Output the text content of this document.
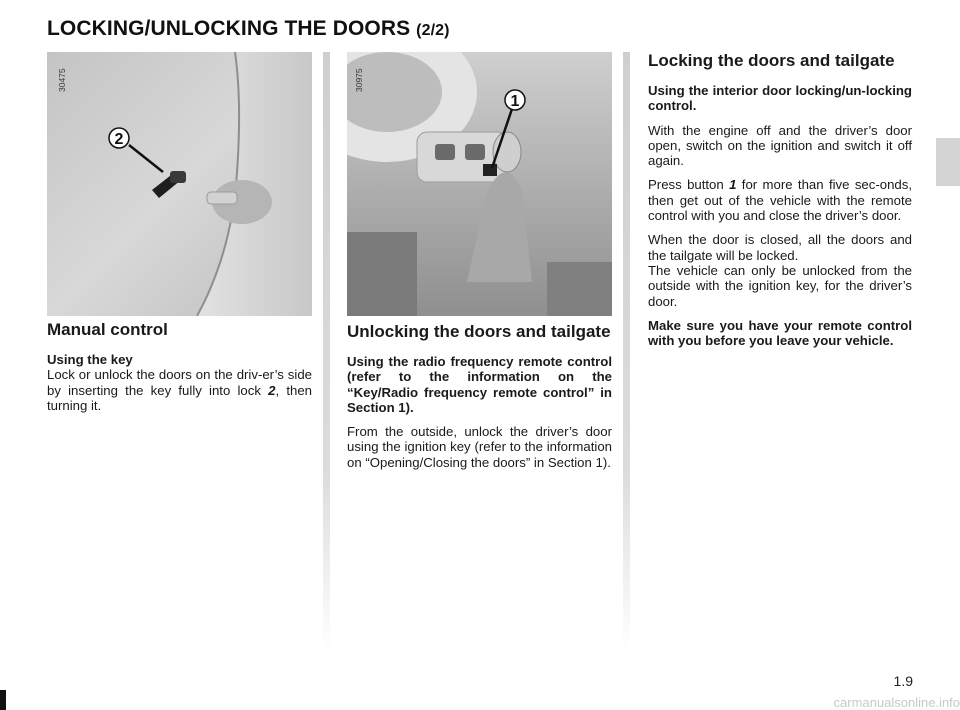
LOCKING/UNLOCKING THE DOORS (2/2)
2
30475
1
30975
Manual control

Using the key
Lock or unlock the doors on the driv-er’s side by inserting the key fully into lock 2, then turning it.

Unlocking the doors and tailgate

Using the radio frequency remote control (refer to the information on the “Key/Radio frequency remote control” in Section 1).

From the outside, unlock the driver’s door using the ignition key (refer to the information on “Opening/Closing the doors” in Section 1).

Locking the doors and tailgate

Using the interior door locking/un-locking control.

With the engine off and the driver’s door open, switch on the ignition and switch it off again.

Press button 1 for more than five sec-onds, then get out of the vehicle with the remote control with you and close the driver’s door.

When the door is closed, all the doors and the tailgate will be locked.
The vehicle can only be unlocked from the outside with the ignition key, for the driver’s door.

Make sure you have your remote control with you before you leave your vehicle.

1.9
carmanualsonline.info
